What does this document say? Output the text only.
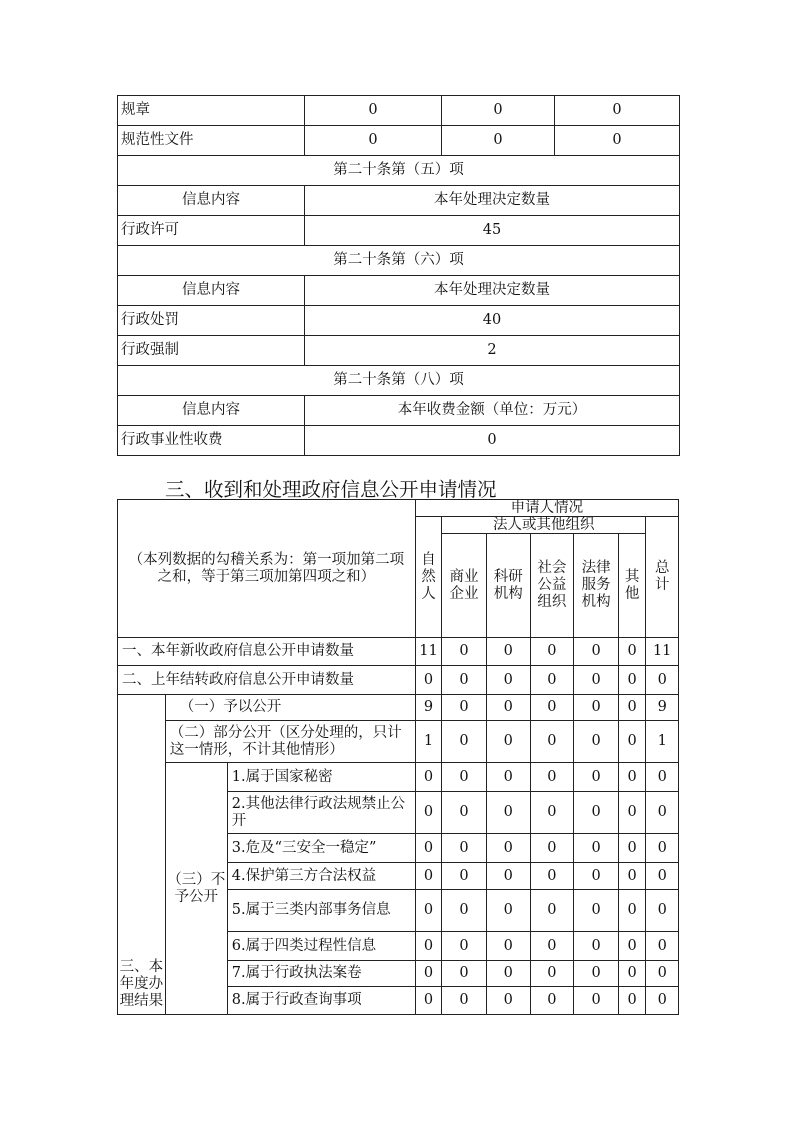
规章	0	0	0
规范性文件	0	0	0
第二十条第（五）项			
信息内容	本年处理决定数量		
行政许可	45		
第二十条第（六）项			
信息内容	本年处理决定数量		
行政处罚	40		
行政强制	2		
第二十条第（八）项			
信息内容	本年收费金额（单位：万元）		
行政事业性收费	0		
三、收到和处理政府信息公开申请情况
（本列数据的勾稽关系为：第一项加第二项之和，等于第三项加第四项之和）			申请人情况						
			自然人	法人或其他组织					总计
				商业企业	科研机构	社会公益组织	法律服务机构	其他	
一、本年新收政府信息公开申请数量			11	0	0	0	0	0	11
二、上年结转政府信息公开申请数量			0	0	0	0	0	0	0
三、本年度办理结果	（一）予以公开		9	0	0	0	0	0	9
	（二）部分公开（区分处理的，只计这一情形，不计其他情形）		1	0	0	0	0	0	1
	（三）不予公开	1.属于国家秘密	0	0	0	0	0	0	0
		2.其他法律行政法规禁止公开	0	0	0	0	0	0	0
		3.危及“三安全一稳定”	0	0	0	0	0	0	0
		4.保护第三方合法权益	0	0	0	0	0	0	0
		5.属于三类内部事务信息	0	0	0	0	0	0	0
		6.属于四类过程性信息	0	0	0	0	0	0	0
		7.属于行政执法案卷	0	0	0	0	0	0	0
		8.属于行政查询事项	0	0	0	0	0	0	0
